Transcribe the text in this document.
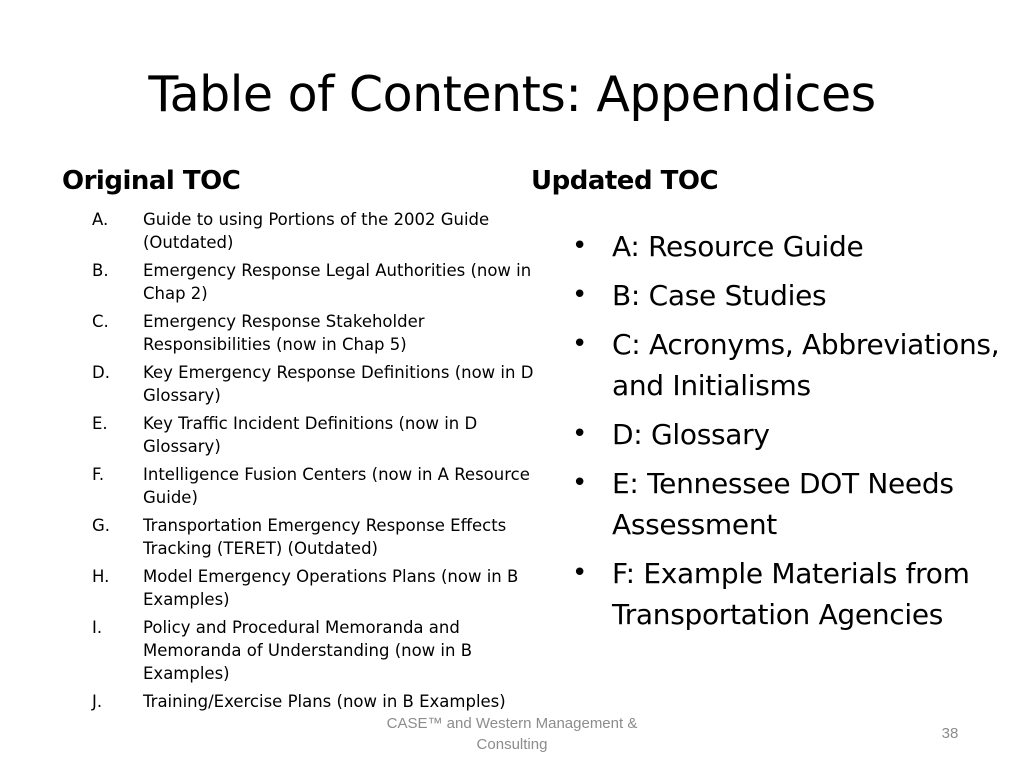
Table of Contents: Appendices
Original TOC	Updated TOC
A. Guide to using Portions of the 2002 Guide (Outdated)
B. Emergency Response Legal Authorities (now in Chap 2)
C. Emergency Response Stakeholder Responsibilities (now in Chap 5)
D. Key Emergency Response Definitions (now in D Glossary)
E. Key Traffic Incident Definitions (now in D Glossary)
F. Intelligence Fusion Centers (now in A Resource Guide)
G. Transportation Emergency Response Effects Tracking (TERET) (Outdated)
H. Model Emergency Operations Plans (now in B Examples)
I. Policy and Procedural Memoranda and Memoranda of Understanding (now in B Examples)
J. Training/Exercise Plans (now in B Examples)
• A: Resource Guide
• B: Case Studies
• C: Acronyms, Abbreviations, and Initialisms
• D: Glossary
• E: Tennessee DOT Needs Assessment
• F: Example Materials from Transportation Agencies
CASE™ and Western Management & Consulting
38
